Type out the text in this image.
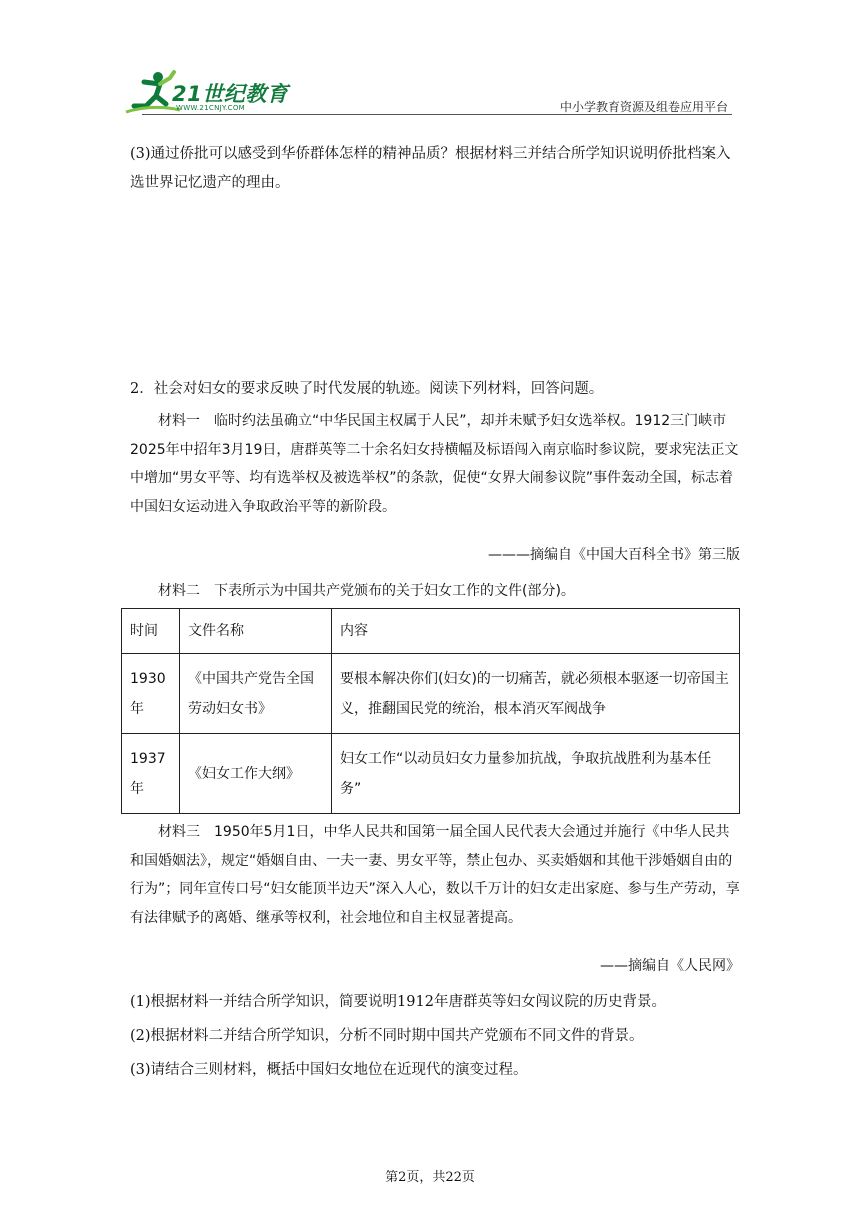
21世纪教育
WWW.21CNJY.COM	中小学教育资源及组卷应用平台

(3)通过侨批可以感受到华侨群体怎样的精神品质？根据材料三并结合所学知识说明侨批档案入选世界记忆遗产的理由。

2．社会对妇女的要求反映了时代发展的轨迹。阅读下列材料，回答问题。

材料一　临时约法虽确立“中华民国主权属于人民”，却并未赋予妇女选举权。1912三门峡市2025年中招年3月19日，唐群英等二十余名妇女持横幅及标语闯入南京临时参议院，要求宪法正文中增加“男女平等、均有选举权及被选举权”的条款，促使“女界大闹参议院”事件轰动全国，标志着中国妇女运动进入争取政治平等的新阶段。

———摘编自《中国大百科全书》第三版

材料二　下表所示为中国共产党颁布的关于妇女工作的文件(部分)。

时间	文件名称	内容
1930年	《中国共产党告全国劳动妇女书》	要根本解决你们(妇女)的一切痛苦，就必须根本驱逐一切帝国主义，推翻国民党的统治，根本消灭军阀战争
1937年	《妇女工作大纲》	妇女工作“以动员妇女力量参加抗战，争取抗战胜利为基本任务”

材料三　1950年5月1日，中华人民共和国第一届全国人民代表大会通过并施行《中华人民共和国婚姻法》，规定“婚姻自由、一夫一妻、男女平等，禁止包办、买卖婚姻和其他干涉婚姻自由的行为”；同年宣传口号“妇女能顶半边天”深入人心，数以千万计的妇女走出家庭、参与生产劳动，享有法律赋予的离婚、继承等权利，社会地位和自主权显著提高。

——摘编自《人民网》

(1)根据材料一并结合所学知识，简要说明1912年唐群英等妇女闯议院的历史背景。

(2)根据材料二并结合所学知识，分析不同时期中国共产党颁布不同文件的背景。

(3)请结合三则材料，概括中国妇女地位在近现代的演变过程。

第2页，共22页
